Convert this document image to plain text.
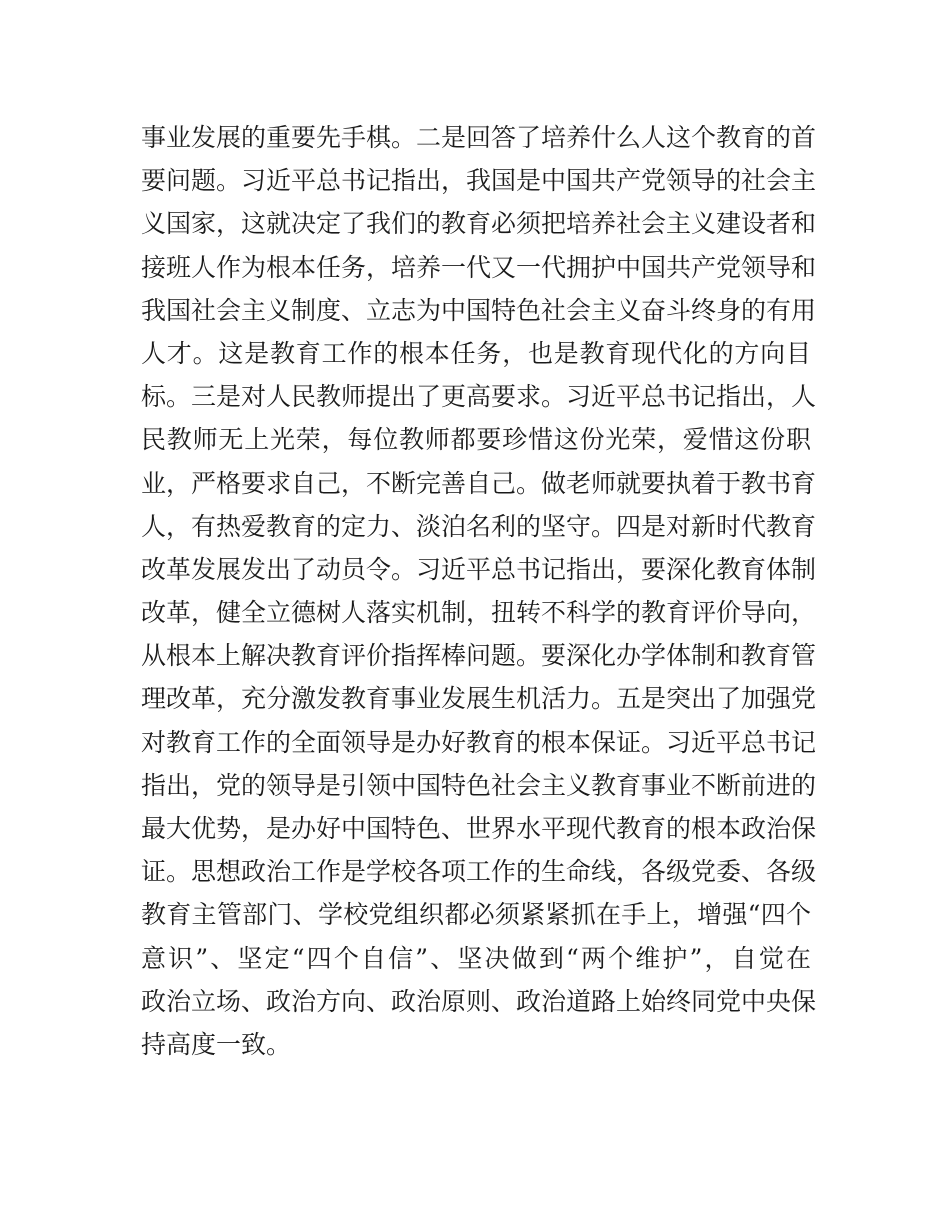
事业发展的重要先手棋。二是回答了培养什么人这个教育的首
要问题。习近平总书记指出，我国是中国共产党领导的社会主
义国家，这就决定了我们的教育必须把培养社会主义建设者和
接班人作为根本任务，培养一代又一代拥护中国共产党领导和
我国社会主义制度、立志为中国特色社会主义奋斗终身的有用
人才。这是教育工作的根本任务，也是教育现代化的方向目
标。三是对人民教师提出了更高要求。习近平总书记指出，人
民教师无上光荣，每位教师都要珍惜这份光荣，爱惜这份职
业，严格要求自己，不断完善自己。做老师就要执着于教书育
人，有热爱教育的定力、淡泊名利的坚守。四是对新时代教育
改革发展发出了动员令。习近平总书记指出，要深化教育体制
改革，健全立德树人落实机制，扭转不科学的教育评价导向，
从根本上解决教育评价指挥棒问题。要深化办学体制和教育管
理改革，充分激发教育事业发展生机活力。五是突出了加强党
对教育工作的全面领导是办好教育的根本保证。习近平总书记
指出，党的领导是引领中国特色社会主义教育事业不断前进的
最大优势，是办好中国特色、世界水平现代教育的根本政治保
证。思想政治工作是学校各项工作的生命线，各级党委、各级
教育主管部门、学校党组织都必须紧紧抓在手上，增强“四个
意识”、坚定“四个自信”、坚决做到“两个维护”，自觉在
政治立场、政治方向、政治原则、政治道路上始终同党中央保
持高度一致。
